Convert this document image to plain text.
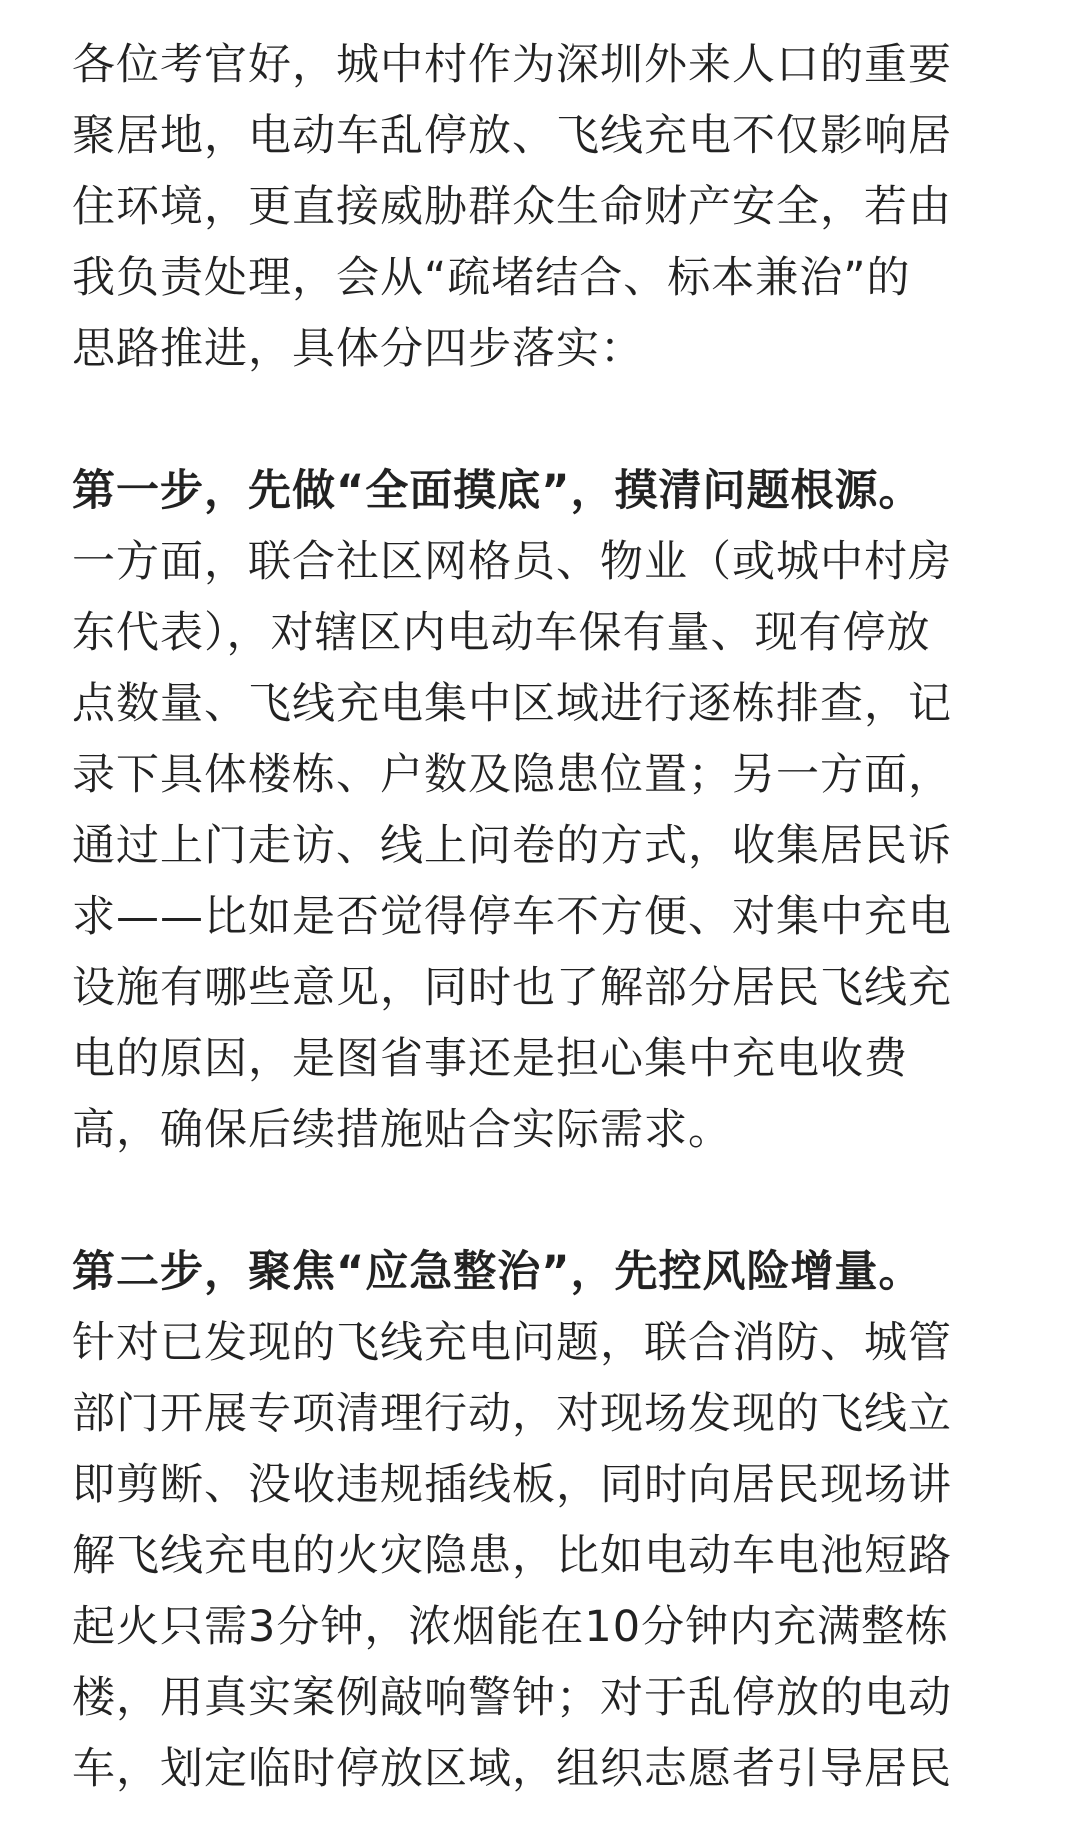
各位考官好，城中村作为深圳外来人口的重要
聚居地，电动车乱停放、飞线充电不仅影响居
住环境，更直接威胁群众生命财产安全，若由
我负责处理，会从“疏堵结合、标本兼治”的
思路推进，具体分四步落实：
第一步，先做“全面摸底”，摸清问题根源。
一方面，联合社区网格员、物业（或城中村房
东代表），对辖区内电动车保有量、现有停放
点数量、飞线充电集中区域进行逐栋排查，记
录下具体楼栋、户数及隐患位置；另一方面，
通过上门走访、线上问卷的方式，收集居民诉
求——比如是否觉得停车不方便、对集中充电
设施有哪些意见，同时也了解部分居民飞线充
电的原因，是图省事还是担心集中充电收费
高，确保后续措施贴合实际需求。
第二步，聚焦“应急整治”，先控风险增量。
针对已发现的飞线充电问题，联合消防、城管
部门开展专项清理行动，对现场发现的飞线立
即剪断、没收违规插线板，同时向居民现场讲
解飞线充电的火灾隐患，比如电动车电池短路
起火只需3分钟，浓烟能在10分钟内充满整栋
楼，用真实案例敲响警钟；对于乱停放的电动
车，划定临时停放区域，组织志愿者引导居民
